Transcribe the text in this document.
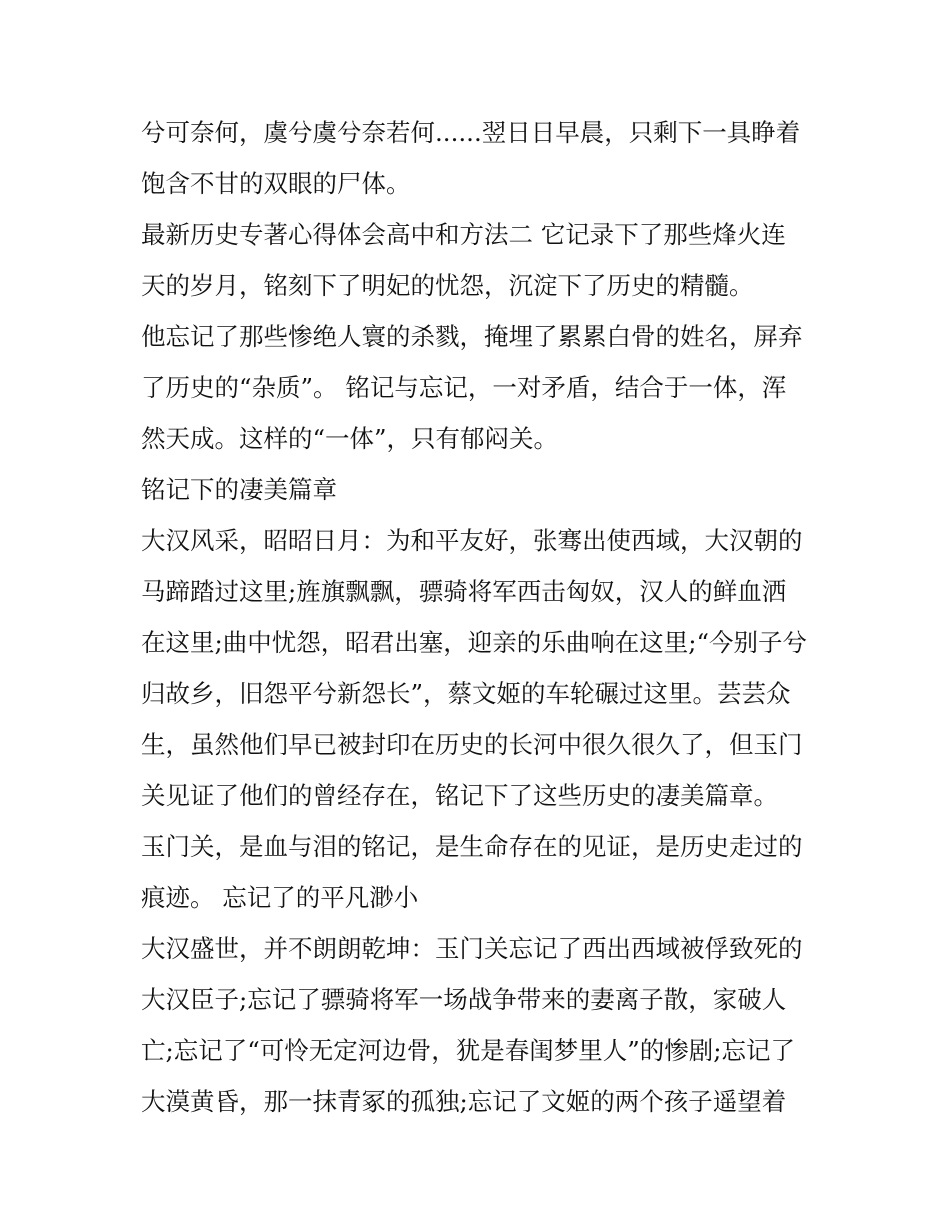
兮可奈何，虞兮虞兮奈若何......翌日日早晨，只剩下一具睁着
饱含不甘的双眼的尸体。
最新历史专著心得体会高中和方法二 它记录下了那些烽火连
天的岁月，铭刻下了明妃的忧怨，沉淀下了历史的精髓。
他忘记了那些惨绝人寰的杀戮，掩埋了累累白骨的姓名，屏弃
了历史的“杂质”。 铭记与忘记，一对矛盾，结合于一体，浑
然天成。这样的“一体”，只有郁闷关。
铭记下的凄美篇章
大汉风采，昭昭日月：为和平友好，张骞出使西域，大汉朝的
马蹄踏过这里;旌旗飘飘，骠骑将军西击匈奴，汉人的鲜血洒
在这里;曲中忧怨，昭君出塞，迎亲的乐曲响在这里;“今别子兮
归故乡，旧怨平兮新怨长”，蔡文姬的车轮碾过这里。芸芸众
生，虽然他们早已被封印在历史的长河中很久很久了，但玉门
关见证了他们的曾经存在，铭记下了这些历史的凄美篇章。
玉门关，是血与泪的铭记，是生命存在的见证，是历史走过的
痕迹。 忘记了的平凡渺小
大汉盛世，并不朗朗乾坤：玉门关忘记了西出西域被俘致死的
大汉臣子;忘记了骠骑将军一场战争带来的妻离子散，家破人
亡;忘记了“可怜无定河边骨，犹是春闺梦里人”的惨剧;忘记了
大漠黄昏，那一抹青冢的孤独;忘记了文姬的两个孩子遥望着
